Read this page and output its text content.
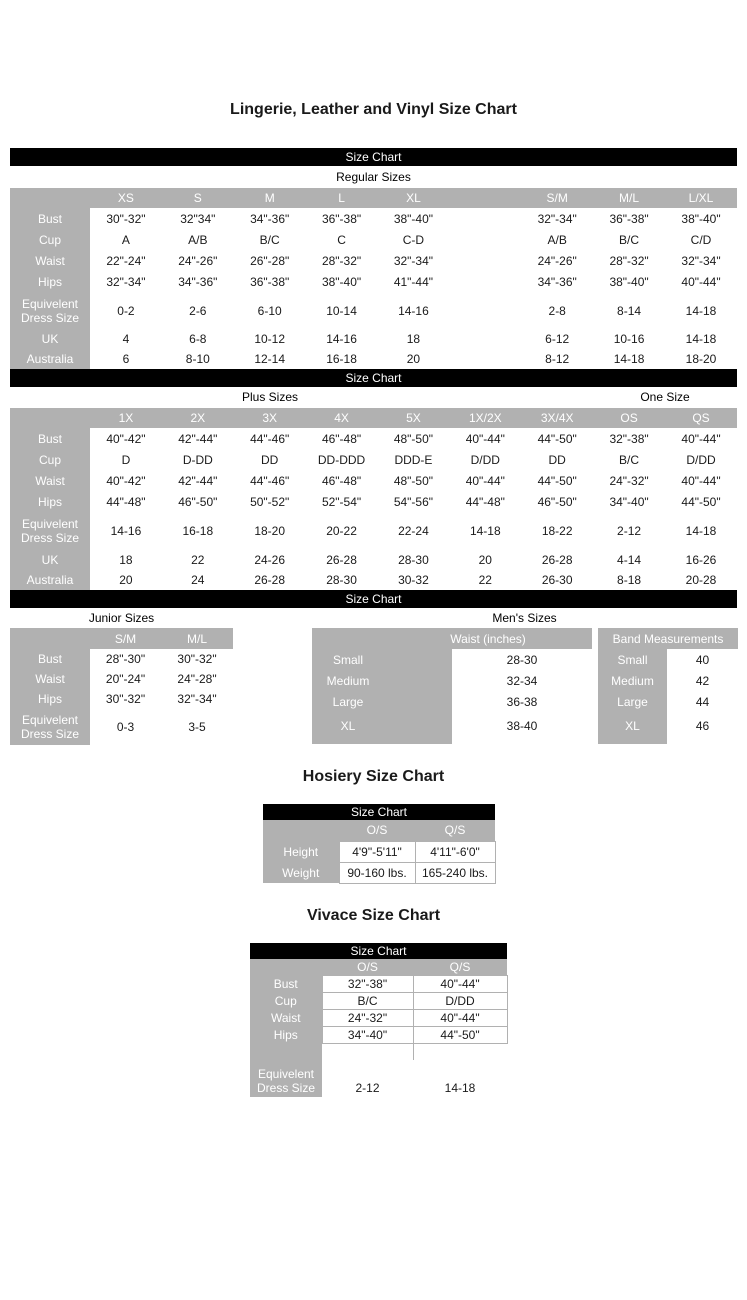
Lingerie, Leather and Vinyl Size Chart
Size Chart
Regular Sizes
	XS	S	M	L	XL		S/M	M/L	L/XL
Bust	30"-32"	32"34"	34"-36"	36"-38"	38"-40"		32"-34"	36"-38"	38"-40"
Cup	A	A/B	B/C	C	C-D		A/B	B/C	C/D
Waist	22"-24"	24"-26"	26"-28"	28"-32"	32"-34"		24"-26"	28"-32"	32"-34"
Hips	32"-34"	34"-36"	36"-38"	38"-40"	41"-44"		34"-36"	38"-40"	40"-44"
Equivelent Dress Size	0-2	2-6	6-10	10-14	14-16		2-8	8-14	14-18
UK	4	6-8	10-12	14-16	18		6-12	10-16	14-18
Australia	6	8-10	12-14	16-18	20		8-12	14-18	18-20
Size Chart
Plus Sizes	One Size
	1X	2X	3X	4X	5X	1X/2X	3X/4X	OS	QS
Bust	40"-42"	42"-44"	44"-46"	46"-48"	48"-50"	40"-44"	44"-50"	32"-38"	40"-44"
Cup	D	D-DD	DD	DD-DDD	DDD-E	D/DD	DD	B/C	D/DD
Waist	40"-42"	42"-44"	44"-46"	46"-48"	48"-50"	40"-44"	44"-50"	24"-32"	40"-44"
Hips	44"-48"	46"-50"	50"-52"	52"-54"	54"-56"	44"-48"	46"-50"	34"-40"	44"-50"
Equivelent Dress Size	14-16	16-18	18-20	20-22	22-24	14-18	18-22	2-12	14-18
UK	18	22	24-26	26-28	28-30	20	26-28	4-14	16-26
Australia	20	24	26-28	28-30	30-32	22	26-30	8-18	20-28
Size Chart
Junior Sizes	Men's Sizes
	S/M	M/L
Bust	28"-30"	30"-32"
Waist	20"-24"	24"-28"
Hips	30"-32"	32"-34"
Equivelent Dress Size	0-3	3-5
	Waist (inches)			Band Measurements	
Small		28-30		Small	40
Medium		32-34		Medium	42
Large		36-38		Large	44
XL		38-40		XL	46

Hosiery Size Chart
Size Chart
	O/S	Q/S
Height	4'9"-5'11"	4'11"-6'0"
Weight	90-160 lbs.	165-240 lbs.
Vivace Size Chart
Size Chart
	O/S	Q/S
Bust	32"-38"	40"-44"
Cup	B/C	D/DD
Waist	24"-32"	40"-44"
Hips	34"-40"	44"-50"

Equivelent Dress Size	2-12	14-18
